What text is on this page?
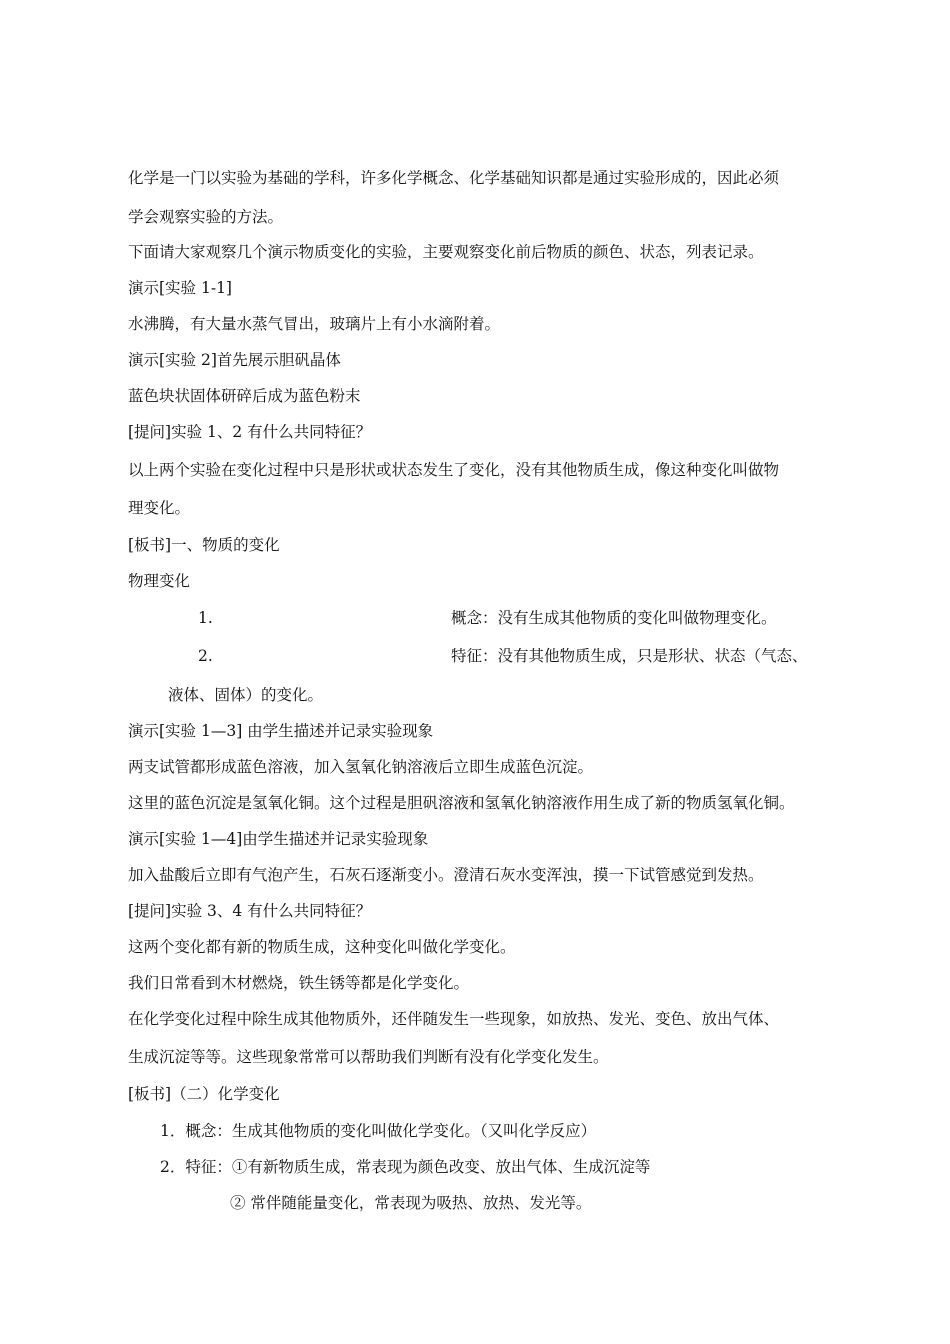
化学是一门以实验为基础的学科，许多化学概念、化学基础知识都是通过实验形成的，因此必须
学会观察实验的方法。
下面请大家观察几个演示物质变化的实验，主要观察变化前后物质的颜色、状态，列表记录。
演示[实验 1-1]
水沸腾，有大量水蒸气冒出，玻璃片上有小水滴附着。
演示[实验 2]首先展示胆矾晶体
蓝色块状固体研碎后成为蓝色粉末
[提问]实验 1、2 有什么共同特征？
以上两个实验在变化过程中只是形状或状态发生了变化，没有其他物质生成，像这种变化叫做物
理变化。
[板书]一、物质的变化
物理变化
1.	概念：没有生成其他物质的变化叫做物理变化。
2.	特征：没有其他物质生成，只是形状、状态（气态、
液体、固体）的变化。
演示[实验 1—3] 由学生描述并记录实验现象
两支试管都形成蓝色溶液，加入氢氧化钠溶液后立即生成蓝色沉淀。
这里的蓝色沉淀是氢氧化铜。这个过程是胆矾溶液和氢氧化钠溶液作用生成了新的物质氢氧化铜。
演示[实验 1—4]由学生描述并记录实验现象
加入盐酸后立即有气泡产生，石灰石逐渐变小。澄清石灰水变浑浊，摸一下试管感觉到发热。
[提问]实验 3、4 有什么共同特征？
这两个变化都有新的物质生成，这种变化叫做化学变化。
我们日常看到木材燃烧，铁生锈等都是化学变化。
在化学变化过程中除生成其他物质外，还伴随发生一些现象，如放热、发光、变色、放出气体、
生成沉淀等等。这些现象常常可以帮助我们判断有没有化学变化发生。
[板书]（二）化学变化
1．概念：生成其他物质的变化叫做化学变化。（又叫化学反应）
2．特征：①有新物质生成，常表现为颜色改变、放出气体、生成沉淀等
② 常伴随能量变化，常表现为吸热、放热、发光等。
